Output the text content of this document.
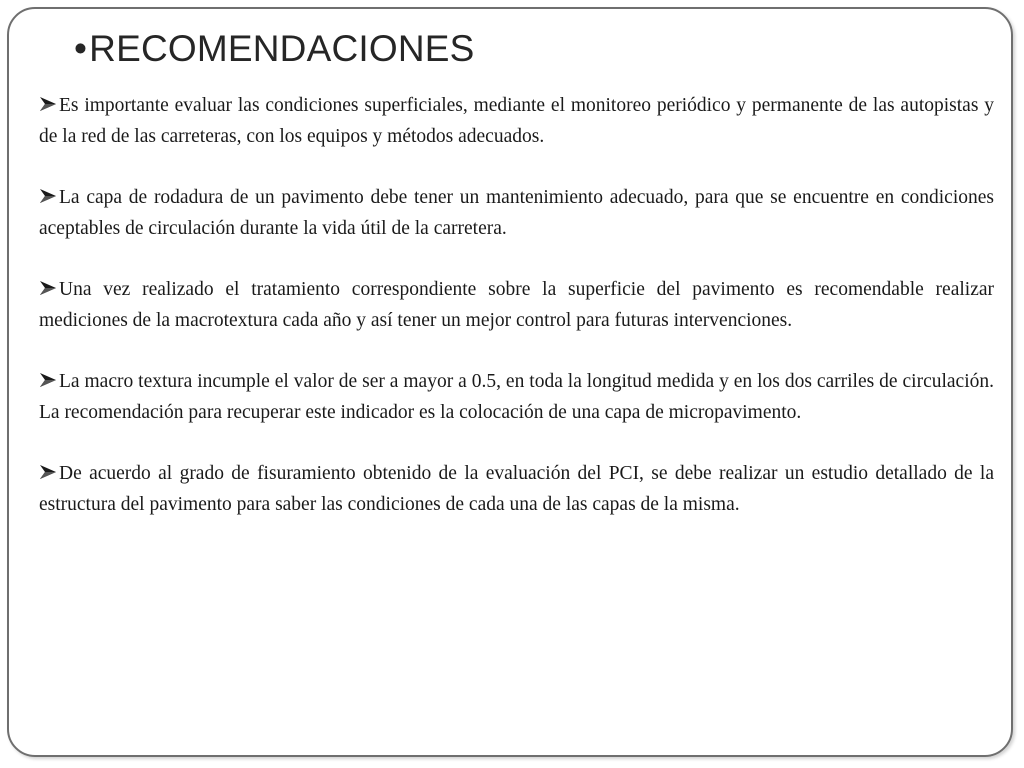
•RECOMENDACIONES

Es importante evaluar las condiciones superficiales, mediante el monitoreo periódico y permanente de las autopistas y de la red de las carreteras, con los equipos y métodos adecuados.

La capa de rodadura de un pavimento debe tener un mantenimiento adecuado, para que se encuentre en condiciones aceptables de circulación durante la vida útil de la carretera.

Una vez realizado el tratamiento correspondiente sobre la superficie del pavimento es recomendable realizar mediciones de la macrotextura cada año y así tener un mejor control para futuras intervenciones.

La macro textura incumple el valor de ser a mayor a 0.5, en toda la longitud medida y en los dos carriles de circulación. La recomendación para recuperar este indicador es la colocación de una capa de micropavimento.

De acuerdo al grado de fisuramiento obtenido de la evaluación del PCI, se debe realizar un estudio detallado de la estructura del pavimento para saber las condiciones de cada una de las capas de la misma.
